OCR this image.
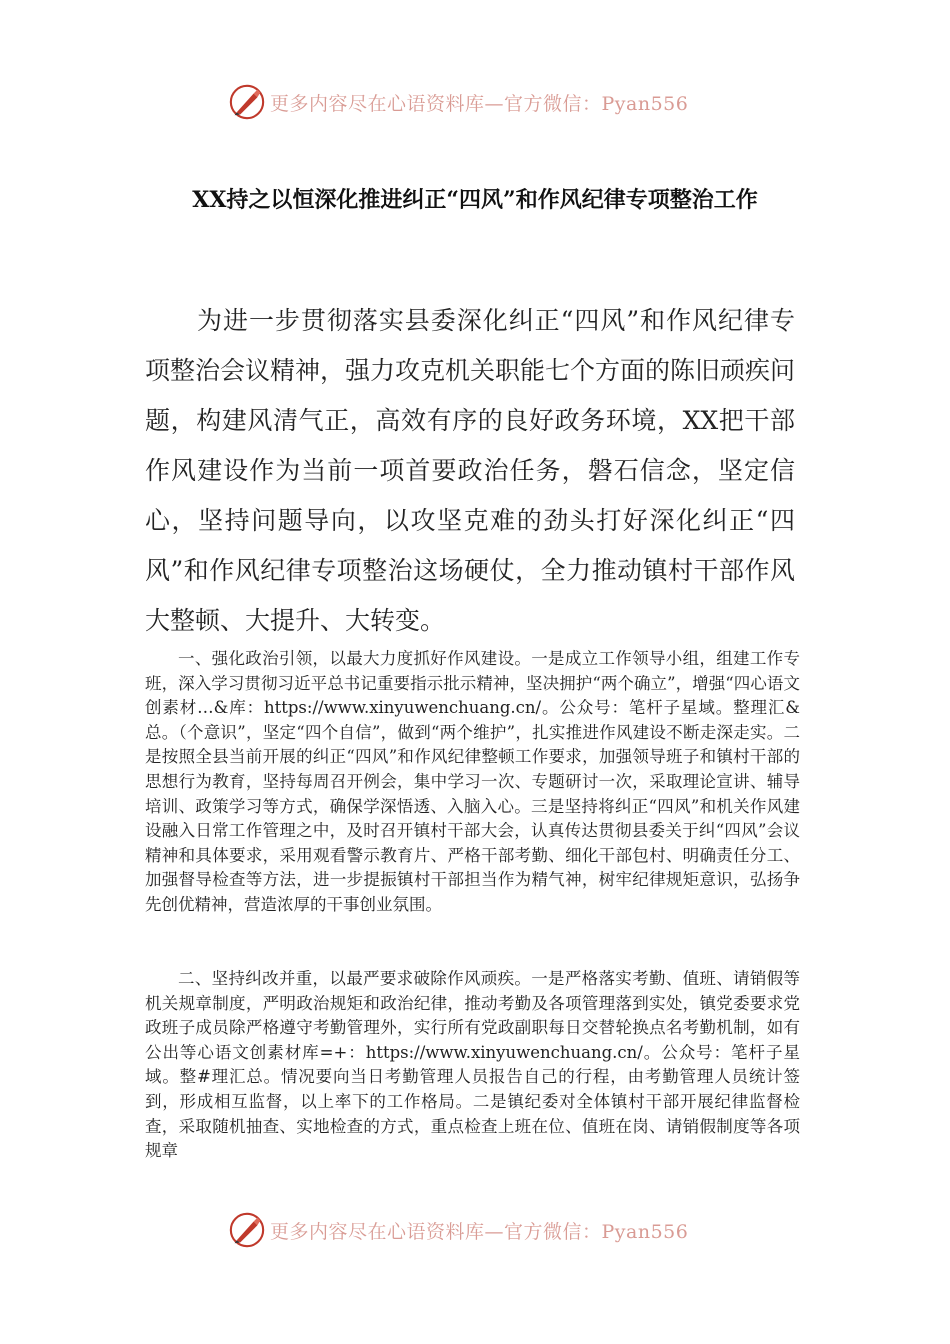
更多内容尽在心语资料库—官方微信：Pyan556
XX持之以恒深化推进纠正“四风”和作风纪律专项整治工作

为进一步贯彻落实县委深化纠正“四风”和作风纪律专项整治会议精神，强力攻克机关职能七个方面的陈旧顽疾问题，构建风清气正，高效有序的良好政务环境，XX把干部作风建设作为当前一项首要政治任务，磐石信念，坚定信心，坚持问题导向，以攻坚克难的劲头打好深化纠正“四风”和作风纪律专项整治这场硬仗，全力推动镇村干部作风大整顿、大提升、大转变。

一、强化政治引领，以最大力度抓好作风建设。一是成立工作领导小组，组建工作专班，深入学习贯彻习近平总书记重要指示批示精神，坚决拥护“两个确立”，增强“四心语文创素材…&库：https://www.xinyuwenchuang.cn/。公众号：笔杆子星域。整理汇&总。（个意识”，坚定“四个自信”，做到“两个维护”，扎实推进作风建设不断走深走实。二是按照全县当前开展的纠正“四风”和作风纪律整顿工作要求，加强领导班子和镇村干部的思想行为教育，坚持每周召开例会，集中学习一次、专题研讨一次，采取理论宣讲、辅导培训、政策学习等方式，确保学深悟透、入脑入心。三是坚持将纠正“四风”和机关作风建设融入日常工作管理之中，及时召开镇村干部大会，认真传达贯彻县委关于纠“四风”会议精神和具体要求，采用观看警示教育片、严格干部考勤、细化干部包村、明确责任分工、加强督导检查等方法，进一步提振镇村干部担当作为精气神，树牢纪律规矩意识，弘扬争先创优精神，营造浓厚的干事创业氛围。

二、坚持纠改并重，以最严要求破除作风顽疾。一是严格落实考勤、值班、请销假等机关规章制度，严明政治规矩和政治纪律，推动考勤及各项管理落到实处，镇党委要求党政班子成员除严格遵守考勤管理外，实行所有党政副职每日交替轮换点名考勤机制，如有公出等心语文创素材库=+：https://www.xinyuwenchuang.cn/。公众号：笔杆子星域。整#理汇总。情况要向当日考勤管理人员报告自己的行程，由考勤管理人员统计签到，形成相互监督，以上率下的工作格局。二是镇纪委对全体镇村干部开展纪律监督检查，采取随机抽查、实地检查的方式，重点检查上班在位、值班在岗、请销假制度等各项规章

更多内容尽在心语资料库—官方微信：Pyan556
